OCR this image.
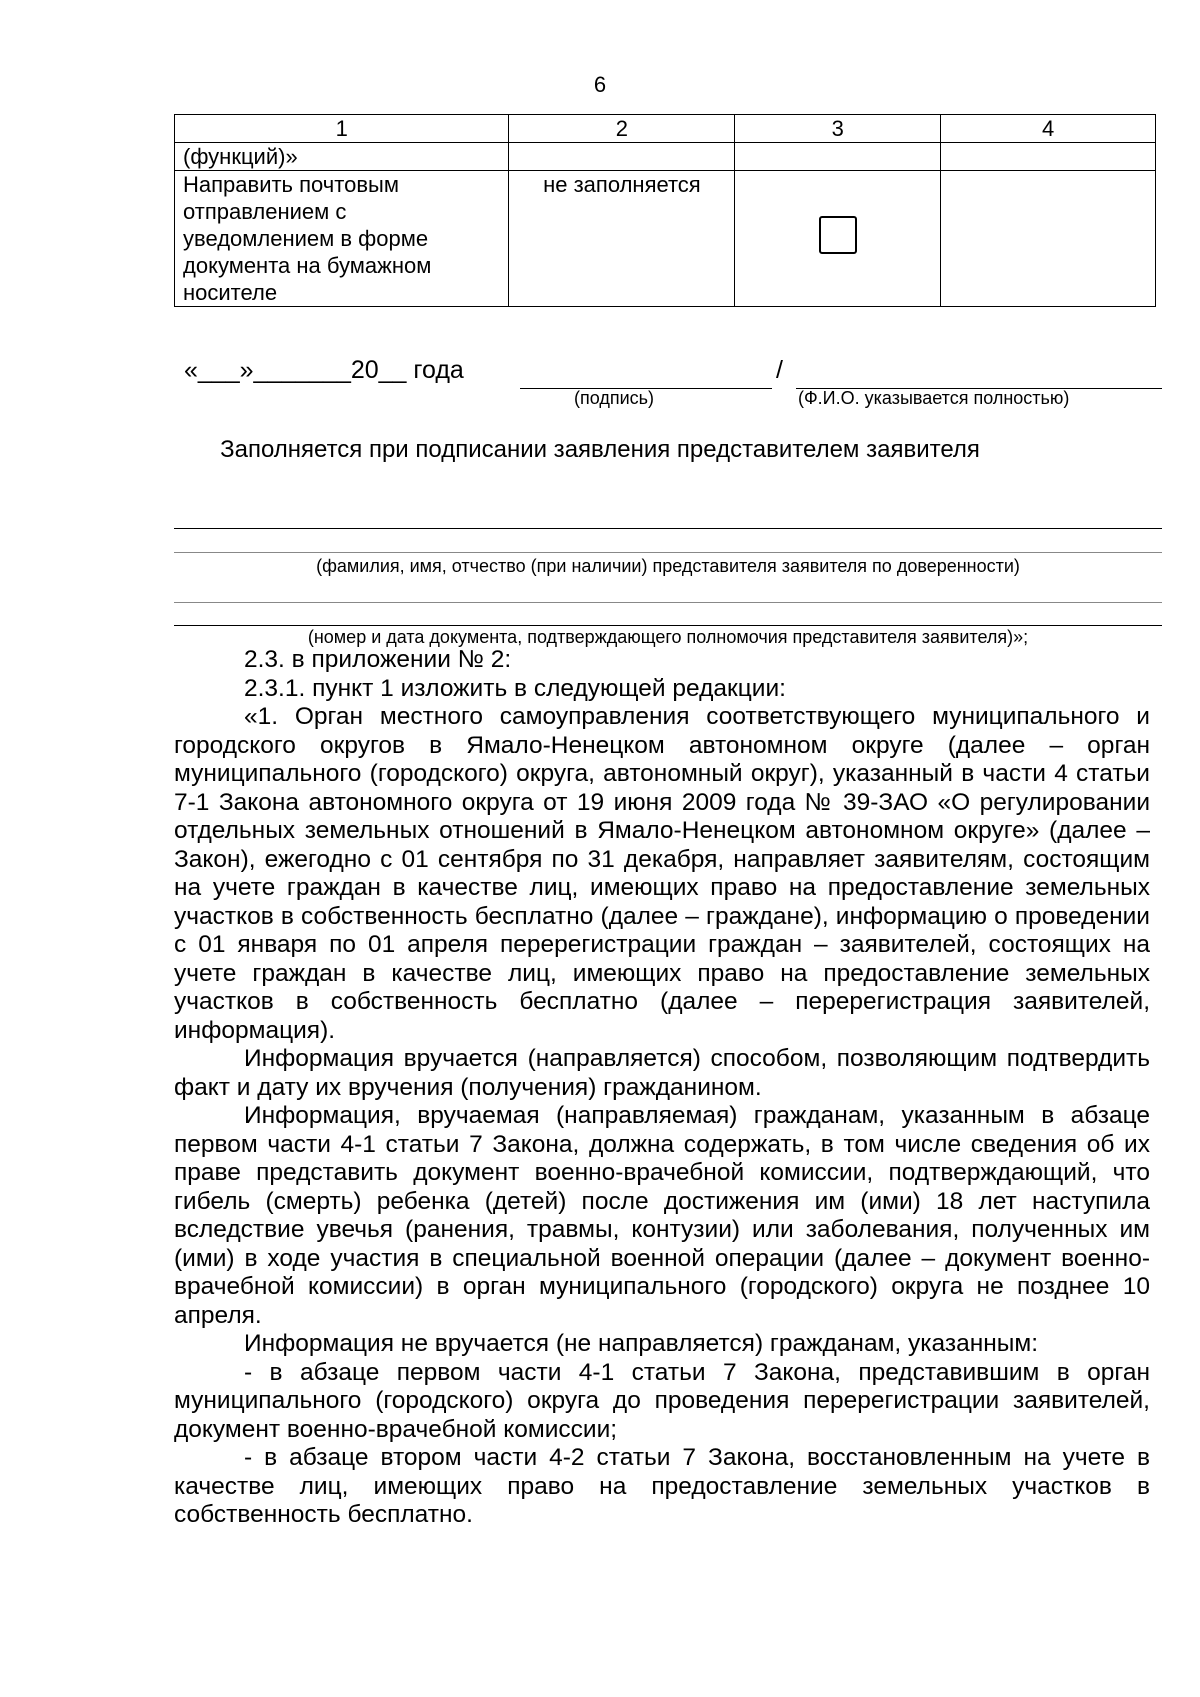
6
1	2	3	4
(функций)»			
Направить почтовым отправлением с уведомлением в форме документа на бумажном носителе	не заполняется	

«___»_______20__ года	/
(подпись)	(Ф.И.О. указывается полностью)
Заполняется при подписании заявления представителем заявителя
(фамилия, имя, отчество (при наличии) представителя заявителя по доверенности)
(номер и дата документа, подтверждающего полномочия представителя заявителя)»;

2.3. в приложении № 2:

2.3.1. пункт 1 изложить в следующей редакции:

«1. Орган местного самоуправления соответствующего муниципального и городского округов в Ямало-Ненецком автономном округе (далее – орган муниципального (городского) округа, автономный округ), указанный в части 4 статьи 7-1 Закона автономного округа от 19 июня 2009 года № 39-ЗАО «О регулировании отдельных земельных отношений в Ямало-Ненецком автономном округе» (далее – Закон), ежегодно с 01 сентября по 31 декабря, направляет заявителям, состоящим на учете граждан в качестве лиц, имеющих право на предоставление земельных участков в собственность бесплатно (далее – граждане), информацию о проведении с 01 января по 01 апреля перерегистрации граждан – заявителей, состоящих на учете граждан в качестве лиц, имеющих право на предоставление земельных участков в собственность бесплатно (далее – перерегистрация заявителей, информация).

Информация вручается (направляется) способом, позволяющим подтвердить факт и дату их вручения (получения) гражданином.

Информация, вручаемая (направляемая) гражданам, указанным в абзаце первом части 4-1 статьи 7 Закона, должна содержать, в том числе сведения об их праве представить документ военно-врачебной комиссии, подтверждающий, что гибель (смерть) ребенка (детей) после достижения им (ими) 18 лет наступила вследствие увечья (ранения, травмы, контузии) или заболевания, полученных им (ими) в ходе участия в специальной военной операции (далее – документ военно-врачебной комиссии) в орган муниципального (городского) округа не позднее 10 апреля.

Информация не вручается (не направляется) гражданам, указанным:

- в абзаце первом части 4-1 статьи 7 Закона, представившим в орган муниципального (городского) округа до проведения перерегистрации заявителей, документ военно-врачебной комиссии;

- в абзаце втором части 4-2 статьи 7 Закона, восстановленным на учете в качестве лиц, имеющих право на предоставление земельных участков в собственность бесплатно.
